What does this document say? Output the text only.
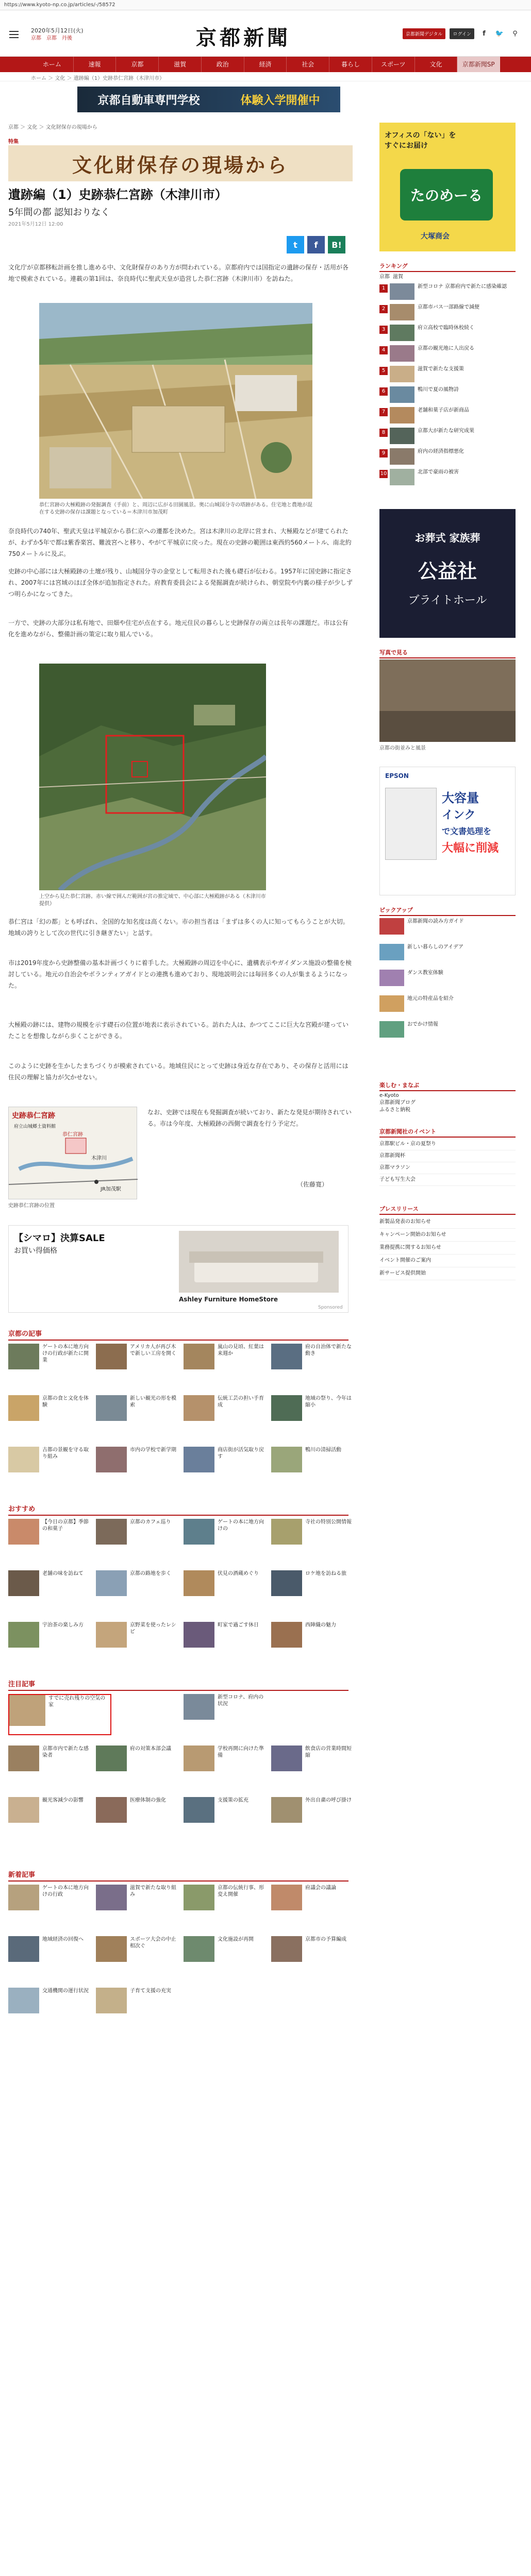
https://www.kyoto-np.co.jp/articles/-/58572
2020年5月12日(火)
京都　京都　丹後	京都新聞	京都新聞デジタル	ログイン	f	🐦	⚲
ホーム	速報	京都	滋賀	政治	経済	社会	暮らし	スポーツ	文化	京都新聞SP
ホーム ＞ 文化 ＞ 遺跡編（1）史跡恭仁宮跡（木津川市）
京都自動車専門学校	体験入学開催中
京都 ＞ 文化 ＞ 文化財保存の現場から
特集
文化財保存の現場から
遺跡編（1）史跡恭仁宮跡（木津川市）
5年間の都 認知おりなく
2021年5月12日 12:00
t	f	B!

文化庁が京都移転計画を推し進める中、文化財保存のあり方が問われている。京都府内では国指定の遺跡の保存・活用が各地で模索されている。連載の第1回は、奈良時代に聖武天皇が造営した恭仁宮跡（木津川市）を訪ねた。

恭仁宮跡の大極殿跡の発掘調査（手前）と、周辺に広がる田園風景。奥に山城国分寺の塔跡がある。住宅地と農地が混在する史跡の保存は課題となっている＝木津川市加茂町

奈良時代の740年、聖武天皇は平城京から恭仁京への遷都を決めた。宮は木津川の北岸に営まれ、大極殿などが建てられたが、わずか5年で都は紫香楽宮、難波宮へと移り、やがて平城京に戻った。現在の史跡の範囲は東西約560メートル、南北約750メートルに及ぶ。

史跡の中心部には大極殿跡の土壇が残り、山城国分寺の金堂として転用された後も礎石が伝わる。1957年に国史跡に指定され、2007年には宮域のほぼ全体が追加指定された。府教育委員会による発掘調査が続けられ、朝堂院や内裏の様子が少しずつ明らかになってきた。

一方で、史跡の大部分は私有地で、田畑や住宅が点在する。地元住民の暮らしと史跡保存の両立は長年の課題だ。市は公有化を進めながら、整備計画の策定に取り組んでいる。

上空から見た恭仁宮跡。赤い線で囲んだ範囲が宮の推定域で、中心部に大極殿跡がある（木津川市提供）

恭仁宮は「幻の都」とも呼ばれ、全国的な知名度は高くない。市の担当者は「まずは多くの人に知ってもらうことが大切。地域の誇りとして次の世代に引き継ぎたい」と話す。

市は2019年度から史跡整備の基本計画づくりに着手した。大極殿跡の周辺を中心に、遺構表示やガイダンス施設の整備を検討している。地元の自治会やボランティアガイドとの連携も進めており、現地説明会には毎回多くの人が集まるようになった。

大極殿の跡には、建物の規模を示す礎石の位置が地表に表示されている。訪れた人は、かつてここに巨大な宮殿が建っていたことを想像しながら歩くことができる。

このように史跡を生かしたまちづくりが模索されている。地域住民にとって史跡は身近な存在であり、その保存と活用には住民の理解と協力が欠かせない。

史跡恭仁宮跡
木津川
恭仁宮跡
JR加茂駅
府立山城郷土資料館

史跡恭仁宮跡の位置

なお、史跡では現在も発掘調査が続いており、新たな発見が期待されている。市は今年度、大極殿跡の西側で調査を行う予定だ。

（佐藤寛）
【シマロ】決算SALE
お買い得価格
Ashley Furniture HomeStore
Sponsored
京都の記事
ゲートの本に地方向けの行政が新たに開業
アメリカ人が再び木で新しい工房を開く
嵐山の見頃、紅葉は来週か
府の自治体で新たな動き
京都の食と文化を体験
新しい観光の形を模索
伝統工芸の担い手育成
地域の祭り、今年は縮小
古都の景観を守る取り組み
市内の学校で新学期	商店街が活気取り戻す
鴨川の清掃活動
おすすめ
【今日の京都】季節の和菓子
京都のカフェ巡り	ゲートの本に地方向けの
寺社の特別公開情報
老舗の味を訪ねて	京都の路地を歩く	伏見の酒蔵めぐり	ロケ地を訪ねる旅
宇治茶の楽しみ方	京野菜を使ったレシピ
町家で過ごす休日	西陣織の魅力
注目記事
すでに売れ残りの空気の家
新型コロナ、府内の状況
京都市内で新たな感染者
府の対策本部会議	学校再開に向けた準備
飲食店の営業時間短縮
観光客減少の影響	医療体制の強化	支援策の拡充	外出自粛の呼び掛け
新着記事
ゲートの本に地方向けの行政
滋賀で新たな取り組み
京都の伝統行事、形変え開催
府議会の議論
地域経済の回復へ	スポーツ大会の中止相次ぐ
文化施設が再開	京都市の予算編成
交通機関の運行状況	子育て支援の充実
オフィスの「ない」を
すぐにお届け
たのめーる
大塚商会
ランキング
京都 滋賀
1	新型コロナ 京都府内で新たに感染確認
2	京都市バス一部路線で減便
3	府立高校で臨時休校続く
4	京都の観光地に人出戻る
5	滋賀で新たな支援策
6	鴨川で夏の風物詩
7	老舗和菓子店が新商品
8	京都大が新たな研究成果
9	府内の経済指標悪化
10	北部で豪雨の被害
お葬式 家族葬
公益社
ブライトホール
写真で見る
京都の街並みと風景
EPSON
大容量
インク
で文書処理を
大幅に削減
ピックアップ
京都新聞の読み方ガイド
新しい暮らしのアイデア
ダンス教室体験
地元の特産品を紹介
おでかけ情報
楽しむ・まなぶ
e-Kyoto
京都新聞ブログ
ふるさと納税
京都新聞社のイベント
京都駅ビル・京の夏祭り
京都新聞杯
京都マラソン
子ども写生大会
プレスリリース
新製品発表のお知らせ
キャンペーン開始のお知らせ
業務提携に関するお知らせ
イベント開催のご案内
新サービス提供開始
